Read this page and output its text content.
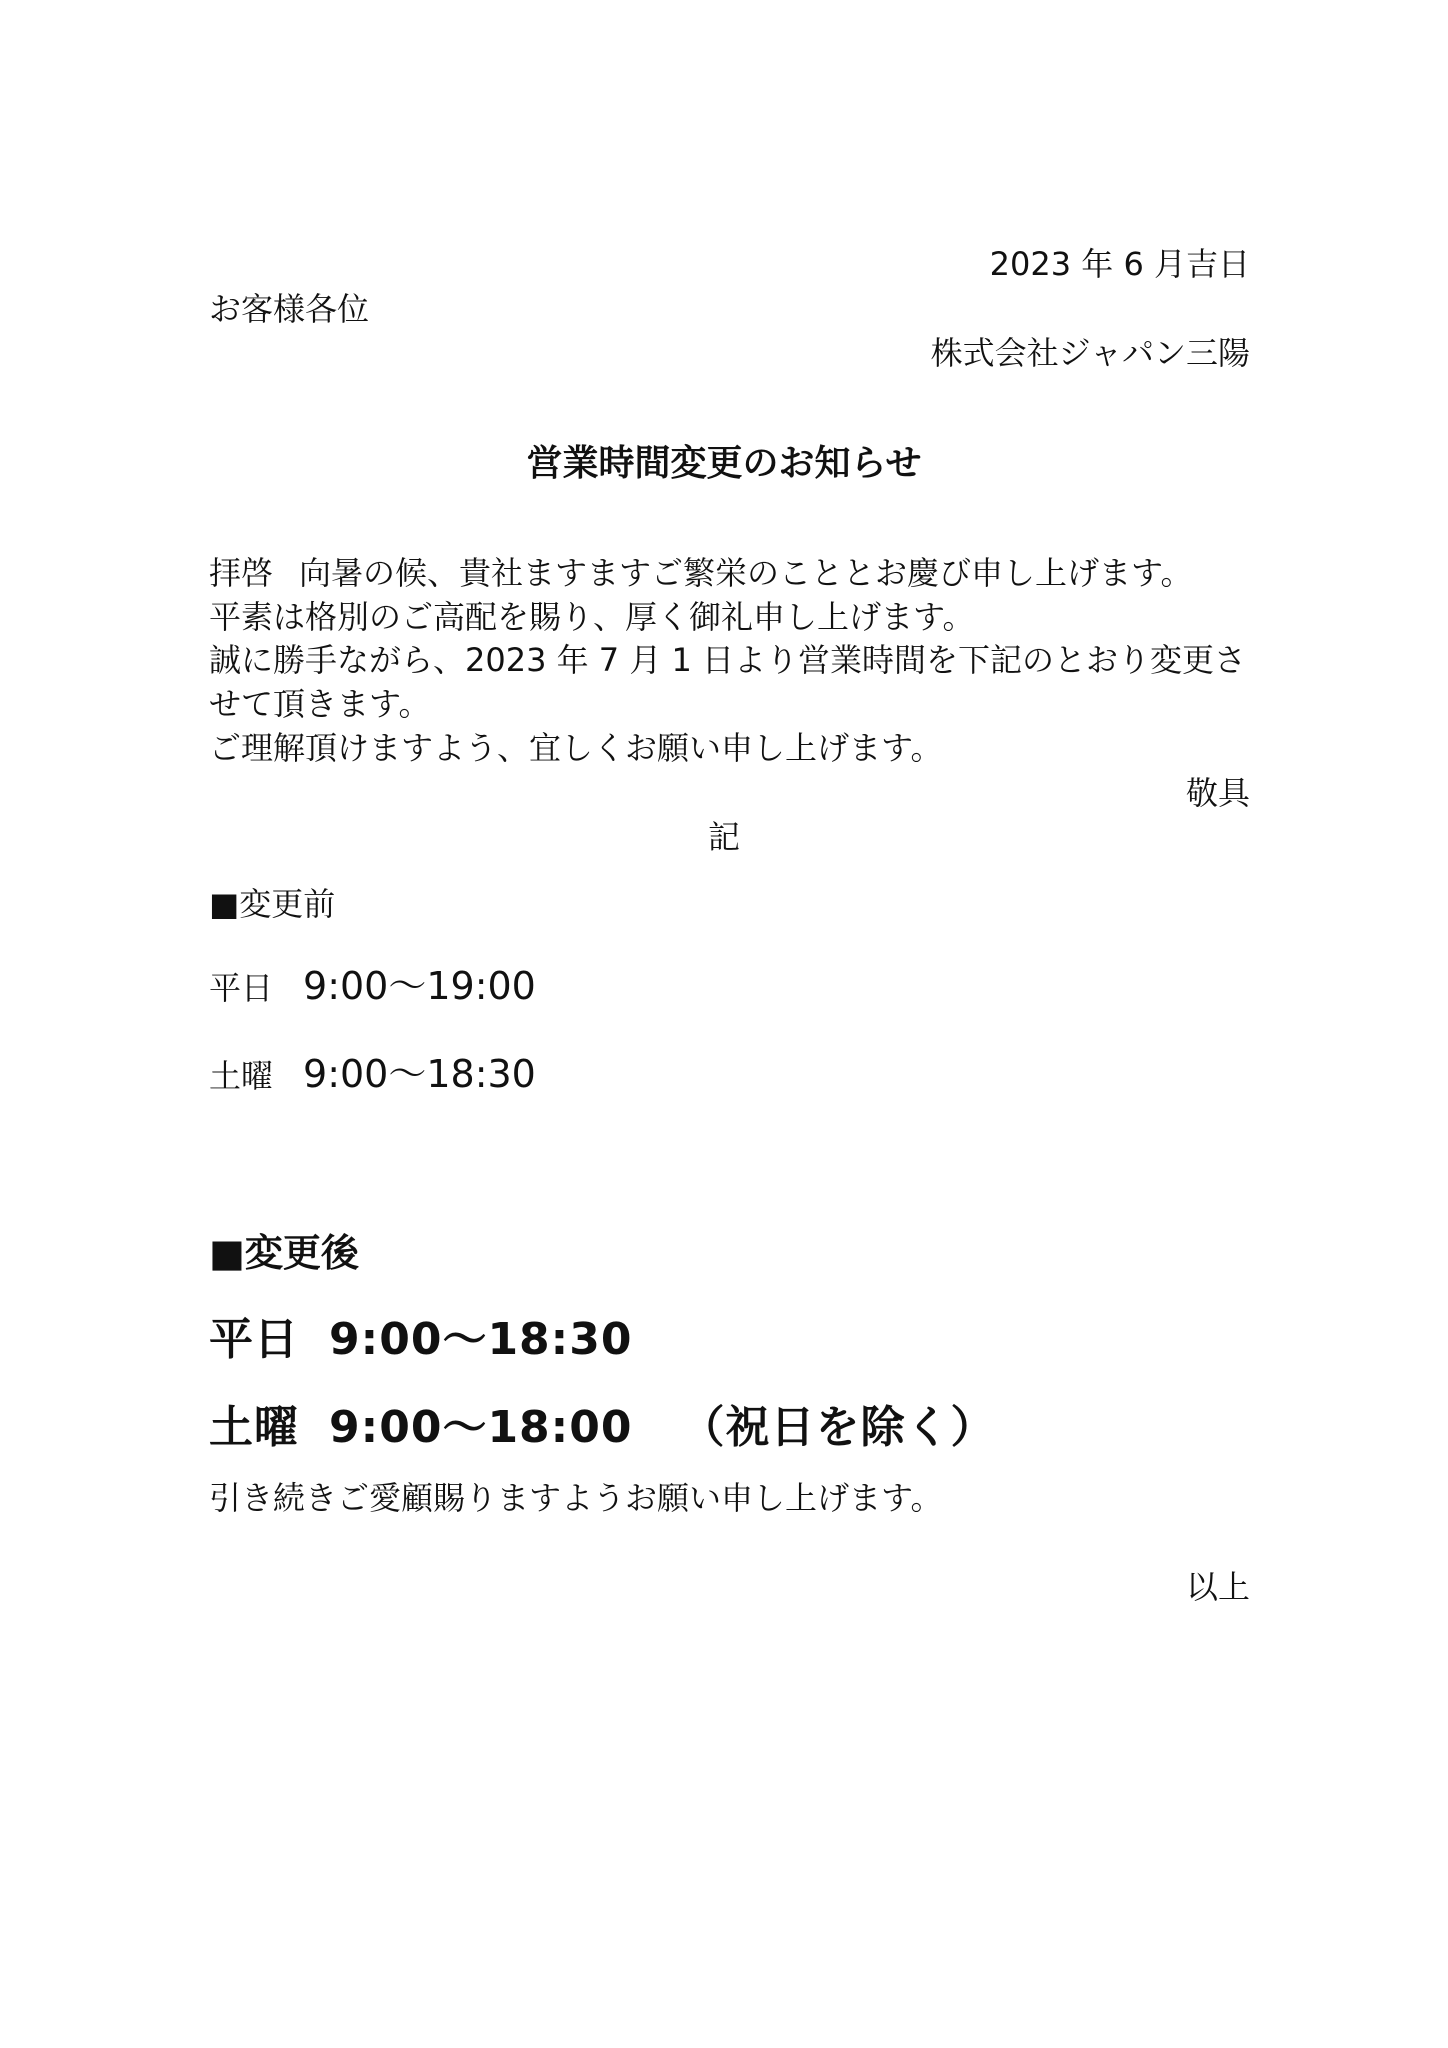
2023 年 6 月吉日
お客様各位
株式会社ジャパン三陽
営業時間変更のお知らせ
拝啓 向暑の候、貴社ますますご繁栄のこととお慶び申し上げます。
平素は格別のご高配を賜り、厚く御礼申し上げます。
誠に勝手ながら、2023 年 7 月 1 日より営業時間を下記のとおり変更さ
せて頂きます。
ご理解頂けますよう、宜しくお願い申し上げます。
敬具
記
■変更前
平日 9:00～19:00
土曜 9:00～18:30
■変更後
平日 9:00～18:30
土曜 9:00～18:00 （祝日を除く）
引き続きご愛顧賜りますようお願い申し上げます。
以上
